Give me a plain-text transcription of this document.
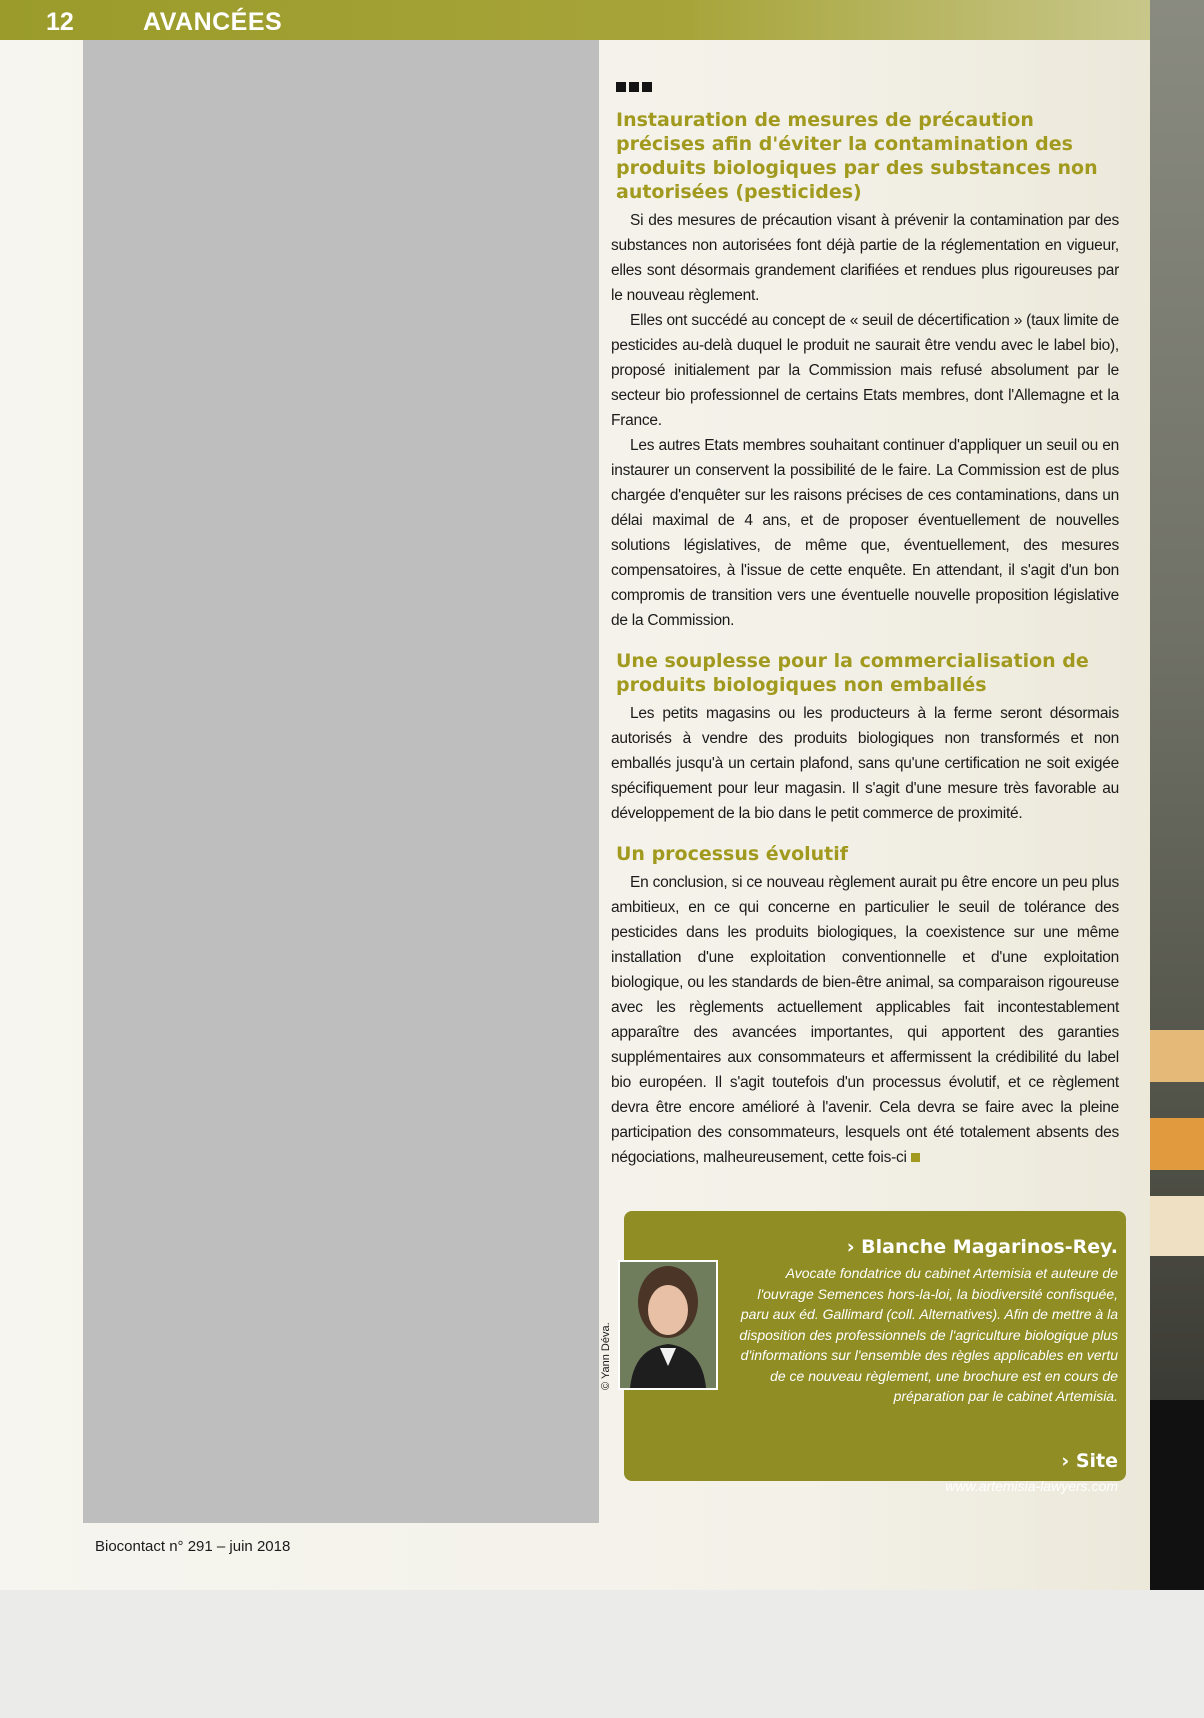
12	AVANCÉES
Instauration de mesures de précaution précises afin d'éviter la contamination des produits biologiques par des substances non autorisées (pesticides)

Si des mesures de précaution visant à prévenir la contamination par des substances non autorisées font déjà partie de la réglementation en vigueur, elles sont désormais grandement clarifiées et rendues plus rigoureuses par le nouveau règlement.

Elles ont succédé au concept de « seuil de décertification » (taux limite de pesticides au-delà duquel le produit ne saurait être vendu avec le label bio), proposé initialement par la Commission mais refusé absolument par le secteur bio professionnel de certains Etats membres, dont l'Allemagne et la France.

Les autres Etats membres souhaitant continuer d'appliquer un seuil ou en instaurer un conservent la possibilité de le faire. La Commission est de plus chargée d'enquêter sur les raisons précises de ces contaminations, dans un délai maximal de 4 ans, et de proposer éventuellement de nouvelles solutions législatives, de même que, éventuellement, des mesures compensatoires, à l'issue de cette enquête. En attendant, il s'agit d'un bon compromis de transition vers une éventuelle nouvelle proposition législative de la Commission.

Une souplesse pour la commercialisation de produits biologiques non emballés

Les petits magasins ou les producteurs à la ferme seront désormais autorisés à vendre des produits biologiques non transformés et non emballés jusqu'à un certain plafond, sans qu'une certification ne soit exigée spécifiquement pour leur magasin. Il s'agit d'une mesure très favorable au développement de la bio dans le petit commerce de proximité.

Un processus évolutif

En conclusion, si ce nouveau règlement aurait pu être encore un peu plus ambitieux, en ce qui concerne en particulier le seuil de tolérance des pesticides dans les produits biologiques, la coexistence sur une même installation d'une exploitation conventionnelle et d'une exploitation biologique, ou les standards de bien-être animal, sa comparaison rigoureuse avec les règlements actuellement applicables fait incontestablement apparaître des avancées importantes, qui apportent des garanties supplémentaires aux consommateurs et affermissent la crédibilité du label bio européen. Il s'agit toutefois d'un processus évolutif, et ce règlement devra être encore amélioré à l'avenir. Cela devra se faire avec la pleine participation des consommateurs, lesquels ont été totalement absents des négociations, malheureusement, cette fois-ci

© Yann Déva.
› Blanche Magarinos-Rey.
Avocate fondatrice du cabinet Artemisia et auteure de l'ouvrage Semences hors-la-loi, la biodiversité confisquée, paru aux éd. Gallimard (coll. Alternatives). Afin de mettre à la disposition des professionnels de l'agriculture biologique plus d'informations sur l'ensemble des règles applicables en vertu de ce nouveau règlement, une brochure est en cours de préparation par le cabinet Artemisia.
› Site
www.artemisia-lawyers.com
Biocontact n° 291 – juin 2018
